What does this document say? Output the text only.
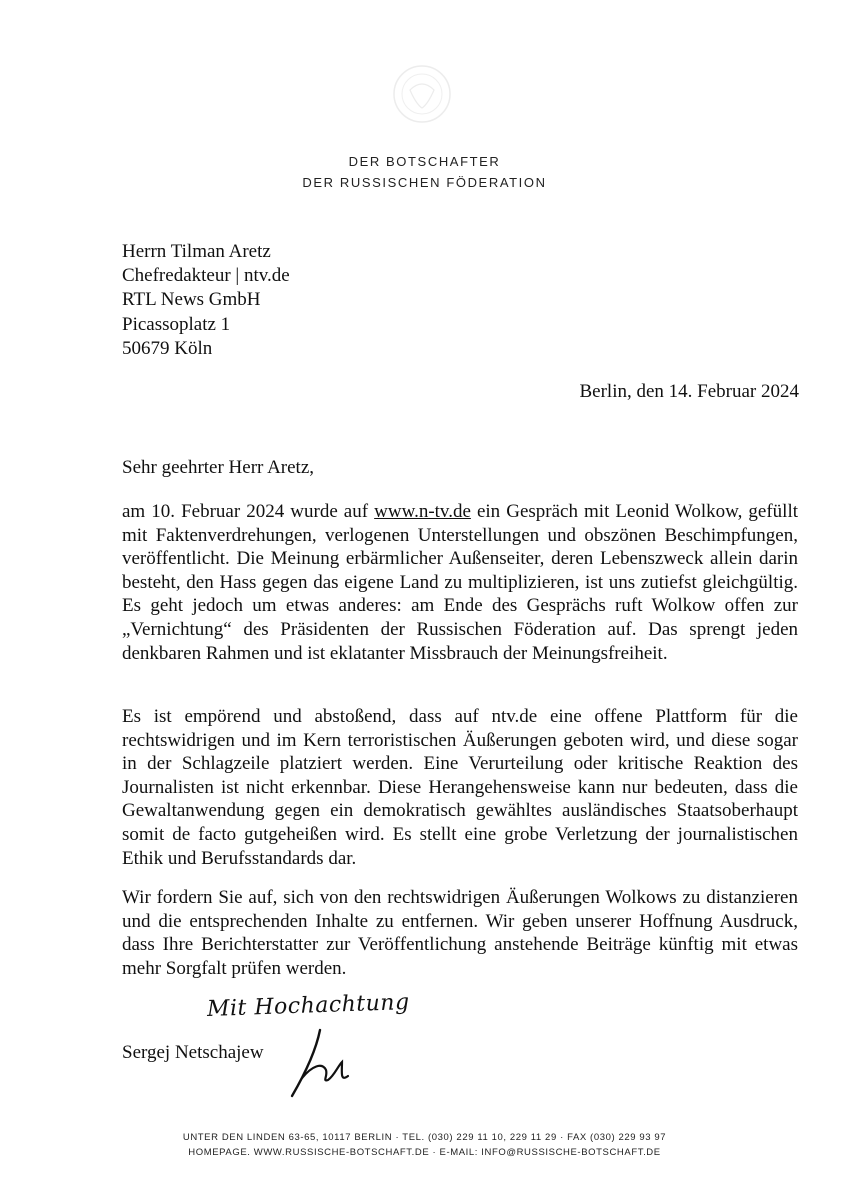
DER BOTSCHAFTER
DER RUSSISCHEN FÖDERATION
Herrn Tilman Aretz
Chefredakteur | ntv.de
RTL News GmbH
Picassoplatz 1
50679 Köln
Berlin, den 14. Februar 2024
Sehr geehrter Herr Aretz,

am 10. Februar 2024 wurde auf www.n-tv.de ein Gespräch mit Leonid Wolkow, gefüllt mit Faktenverdrehungen, verlogenen Unterstellungen und obszönen Beschimpfungen, veröffentlicht. Die Meinung erbärmlicher Außenseiter, deren Lebenszweck allein darin besteht, den Hass gegen das eigene Land zu multiplizieren, ist uns zutiefst gleichgültig. Es geht jedoch um etwas anderes: am Ende des Gesprächs ruft Wolkow offen zur „Vernichtung“ des Präsidenten der Russischen Föderation auf. Das sprengt jeden denkbaren Rahmen und ist eklatanter Missbrauch der Meinungsfreiheit.

Es ist empörend und abstoßend, dass auf ntv.de eine offene Plattform für die rechtswidrigen und im Kern terroristischen Äußerungen geboten wird, und diese sogar in der Schlagzeile platziert werden. Eine Verurteilung oder kritische Reaktion des Journalisten ist nicht erkennbar. Diese Herangehensweise kann nur bedeuten, dass die Gewaltanwendung gegen ein demokratisch gewähltes ausländisches Staatsoberhaupt somit de facto gutgeheißen wird. Es stellt eine grobe Verletzung der journalistischen Ethik und Berufsstandards dar.

Wir fordern Sie auf, sich von den rechtswidrigen Äußerungen Wolkows zu distanzieren und die entsprechenden Inhalte zu entfernen. Wir geben unserer Hoffnung Ausdruck, dass Ihre Berichterstatter zur Veröffentlichung anstehende Beiträge künftig mit etwas mehr Sorgfalt prüfen werden.

Mit Hochachtung
Sergej Netschajew
UNTER DEN LINDEN 63-65, 10117 BERLIN · TEL. (030) 229 11 10, 229 11 29 · FAX (030) 229 93 97
HOMEPAGE. WWW.RUSSISCHE-BOTSCHAFT.DE · E-MAIL: INFO@RUSSISCHE-BOTSCHAFT.DE
